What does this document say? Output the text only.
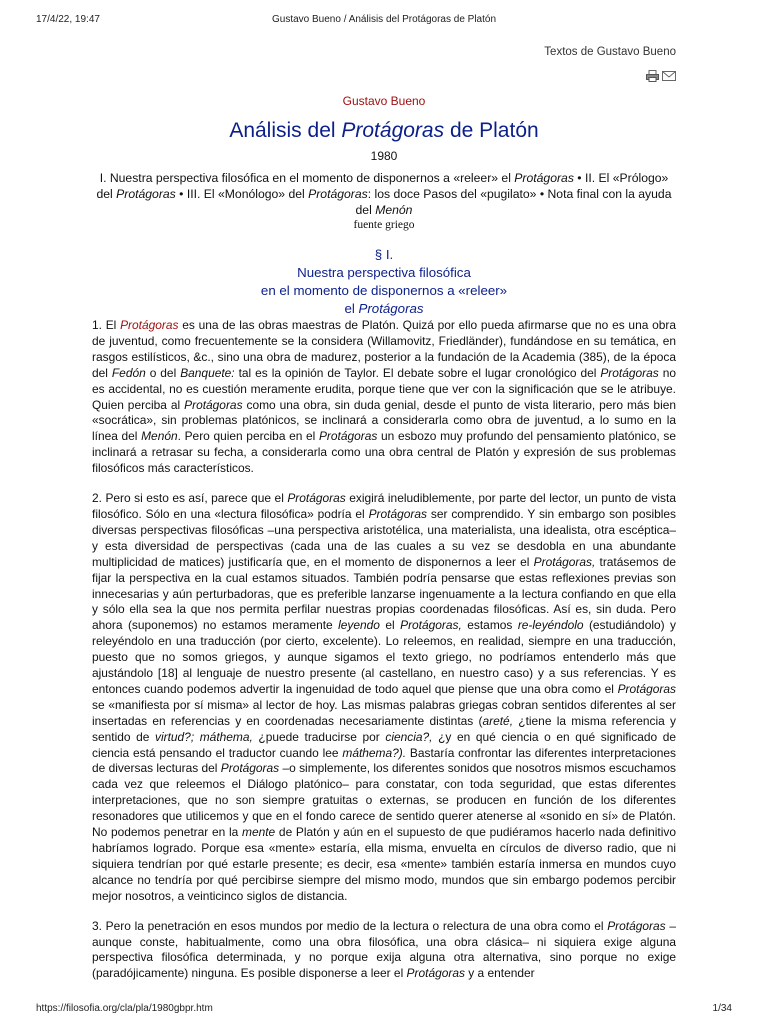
17/4/22, 19:47	Gustavo Bueno / Análisis del Protágoras de Platón
Textos de Gustavo Bueno

Gustavo Bueno

Análisis del Protágoras de Platón

1980

I. Nuestra perspectiva filosófica en el momento de disponernos a «releer» el Protágoras • II. El «Prólogo» del Protágoras • III. El «Monólogo» del Protágoras: los doce Pasos del «pugilato» • Nota final con la ayuda del Menón

fuente griego

§ I.
Nuestra perspectiva filosófica
en el momento de disponernos a «releer»
el Protágoras

1. El Protágoras es una de las obras maestras de Platón. Quizá por ello pueda afirmarse que no es una obra de juventud, como frecuentemente se la considera (Willamovitz, Friedländer), fundándose en su temática, en rasgos estilísticos, &c., sino una obra de madurez, posterior a la fundación de la Academia (385), de la época del Fedón o del Banquete: tal es la opinión de Taylor. El debate sobre el lugar cronológico del Protágoras no es accidental, no es cuestión meramente erudita, porque tiene que ver con la significación que se le atribuye. Quien perciba al Protágoras como una obra, sin duda genial, desde el punto de vista literario, pero más bien «socrática», sin problemas platónicos, se inclinará a considerarla como obra de juventud, a lo sumo en la línea del Menón. Pero quien perciba en el Protágoras un esbozo muy profundo del pensamiento platónico, se inclinará a retrasar su fecha, a considerarla como una obra central de Platón y expresión de sus problemas filosóficos más característicos.

2. Pero si esto es así, parece que el Protágoras exigirá ineludiblemente, por parte del lector, un punto de vista filosófico. Sólo en una «lectura filosófica» podría el Protágoras ser comprendido. Y sin embargo son posibles diversas perspectivas filosóficas –una perspectiva aristotélica, una materialista, una idealista, otra escéptica– y esta diversidad de perspectivas (cada una de las cuales a su vez se desdobla en una abundante multiplicidad de matices) justificaría que, en el momento de disponernos a leer el Protágoras, tratásemos de fijar la perspectiva en la cual estamos situados. También podría pensarse que estas reflexiones previas son innecesarias y aún perturbadoras, que es preferible lanzarse ingenuamente a la lectura confiando en que ella y sólo ella sea la que nos permita perfilar nuestras propias coordenadas filosóficas. Así es, sin duda. Pero ahora (suponemos) no estamos meramente leyendo el Protágoras, estamos re-leyéndolo (estudiándolo) y releyéndolo en una traducción (por cierto, excelente). Lo releemos, en realidad, siempre en una traducción, puesto que no somos griegos, y aunque sigamos el texto griego, no podríamos entenderlo más que ajustándolo [18] al lenguaje de nuestro presente (al castellano, en nuestro caso) y a sus referencias. Y es entonces cuando podemos advertir la ingenuidad de todo aquel que piense que una obra como el Protágoras se «manifiesta por sí misma» al lector de hoy. Las mismas palabras griegas cobran sentidos diferentes al ser insertadas en referencias y en coordenadas necesariamente distintas (areté, ¿tiene la misma referencia y sentido de virtud?; máthema, ¿puede traducirse por ciencia?, ¿y en qué ciencia o en qué significado de ciencia está pensando el traductor cuando lee máthema?). Bastaría confrontar las diferentes interpretaciones de diversas lecturas del Protágoras –o simplemente, los diferentes sonidos que nosotros mismos escuchamos cada vez que releemos el Diálogo platónico– para constatar, con toda seguridad, que estas diferentes interpretaciones, que no son siempre gratuitas o externas, se producen en función de los diferentes resonadores que utilicemos y que en el fondo carece de sentido querer atenerse al «sonido en sí» de Platón. No podemos penetrar en la mente de Platón y aún en el supuesto de que pudiéramos hacerlo nada definitivo habríamos logrado. Porque esa «mente» estaría, ella misma, envuelta en círculos de diverso radio, que ni siquiera tendrían por qué estarle presente; es decir, esa «mente» también estaría inmersa en mundos cuyo alcance no tendría por qué percibirse siempre del mismo modo, mundos que sin embargo podemos percibir mejor nosotros, a veinticinco siglos de distancia.

3. Pero la penetración en esos mundos por medio de la lectura o relectura de una obra como el Protágoras –aunque conste, habitualmente, como una obra filosófica, una obra clásica– ni siquiera exige alguna perspectiva filosófica determinada, y no porque exija alguna otra alternativa, sino porque no exige (paradójicamente) ninguna. Es posible disponerse a leer el Protágoras y a entender

https://filosofia.org/cla/pla/1980gbpr.htm	1/34
